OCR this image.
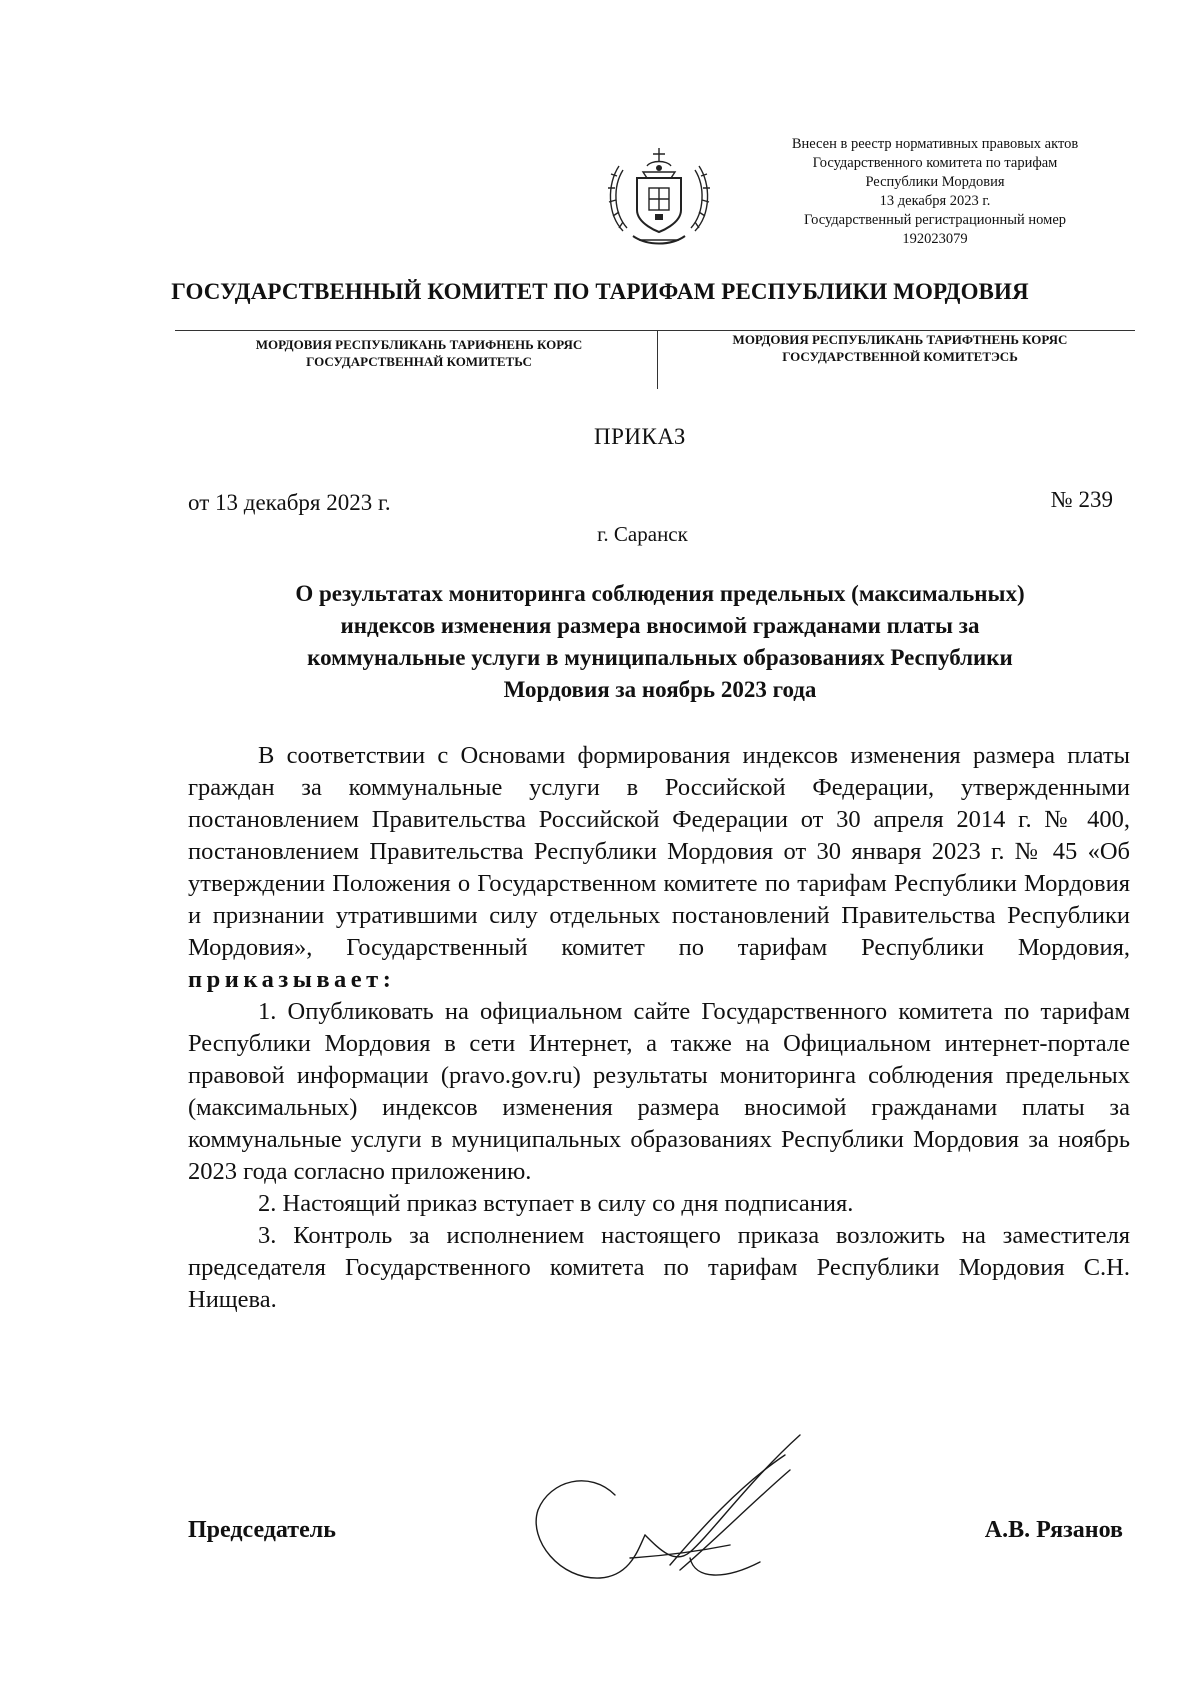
Внесен в реестр нормативных правовых актов
Государственного комитета по тарифам
Республики Мордовия
13 декабря 2023 г.
Государственный регистрационный номер
192023079
ГОСУДАРСТВЕННЫЙ КОМИТЕТ ПО ТАРИФАМ РЕСПУБЛИКИ МОРДОВИЯ
МОРДОВИЯ РЕСПУБЛИКАНЬ ТАРИФНЕНЬ КОРЯС
ГОСУДАРСТВЕННАЙ КОМИТЕТЬС
МОРДОВИЯ РЕСПУБЛИКАНЬ ТАРИФТНЕНЬ КОРЯС
ГОСУДАРСТВЕННОЙ КОМИТЕТЭСЬ
ПРИКАЗ
от 13 декабря 2023 г.	№ 239
г. Саранск
О результатах мониторинга соблюдения предельных (максимальных)
индексов изменения размера вносимой гражданами платы за
коммунальные услуги в муниципальных образованиях Республики
Мордовия за ноябрь 2023 года

В соответствии с Основами формирования индексов изменения размера платы граждан за коммунальные услуги в Российской Федерации, утвержденными постановлением Правительства Российской Федерации от 30 апреля 2014 г. № 400, постановлением Правительства Республики Мордовия от 30 января 2023 г. № 45 «Об утверждении Положения о Государственном комитете по тарифам Республики Мордовия и признании утратившими силу отдельных постановлений Правительства Республики Мордовия», Государственный комитет по тарифам Республики Мордовия,

приказывает:

1. Опубликовать на официальном сайте Государственного комитета по тарифам Республики Мордовия в сети Интернет, а также на Официальном интернет-портале правовой информации (pravo.gov.ru) результаты мониторинга соблюдения предельных (максимальных) индексов изменения размера вносимой гражданами платы за коммунальные услуги в муниципальных образованиях Республики Мордовия за ноябрь 2023 года согласно приложению.

2. Настоящий приказ вступает в силу со дня подписания.

3. Контроль за исполнением настоящего приказа возложить на заместителя председателя Государственного комитета по тарифам Республики Мордовия С.Н. Нищева.

Председатель	А.В. Рязанов
